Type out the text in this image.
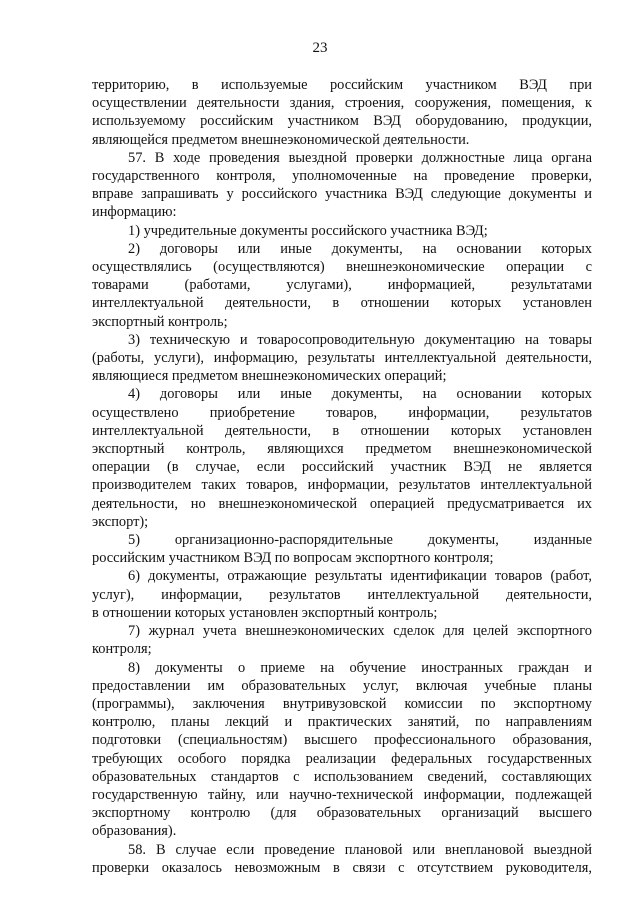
23
территорию, в используемые российским участником ВЭД при
осуществлении деятельности здания, строения, сооружения, помещения, к
используемому российским участником ВЭД оборудованию, продукции,
являющейся предметом внешнеэкономической деятельности.
57. В ходе проведения выездной проверки должностные лица органа
государственного контроля, уполномоченные на проведение проверки,
вправе запрашивать у российского участника ВЭД следующие документы и
информацию:
1) учредительные документы российского участника ВЭД;
2) договоры или иные документы, на основании которых
осуществлялись (осуществляются) внешнеэкономические операции с
товарами (работами, услугами), информацией, результатами
интеллектуальной деятельности, в отношении которых установлен
экспортный контроль;
3) техническую и товаросопроводительную документацию на товары
(работы, услуги), информацию, результаты интеллектуальной деятельности,
являющиеся предметом внешнеэкономических операций;
4) договоры или иные документы, на основании которых
осуществлено приобретение товаров, информации, результатов
интеллектуальной деятельности, в отношении которых установлен
экспортный контроль, являющихся предметом внешнеэкономической
операции (в случае, если российский участник ВЭД не является
производителем таких товаров, информации, результатов интеллектуальной
деятельности, но внешнеэкономической операцией предусматривается их
экспорт);
5) организационно-распорядительные документы, изданные
российским участником ВЭД по вопросам экспортного контроля;
6) документы, отражающие результаты идентификации товаров (работ,
услуг), информации, результатов интеллектуальной деятельности,
в отношении которых установлен экспортный контроль;
7) журнал учета внешнеэкономических сделок для целей экспортного
контроля;
8) документы о приеме на обучение иностранных граждан и
предоставлении им образовательных услуг, включая учебные планы
(программы), заключения внутривузовской комиссии по экспортному
контролю, планы лекций и практических занятий, по направлениям
подготовки (специальностям) высшего профессионального образования,
требующих особого порядка реализации федеральных государственных
образовательных стандартов с использованием сведений, составляющих
государственную тайну, или научно-технической информации, подлежащей
экспортному контролю (для образовательных организаций высшего
образования).
58. В случае если проведение плановой или внеплановой выездной
проверки оказалось невозможным в связи с отсутствием руководителя,
